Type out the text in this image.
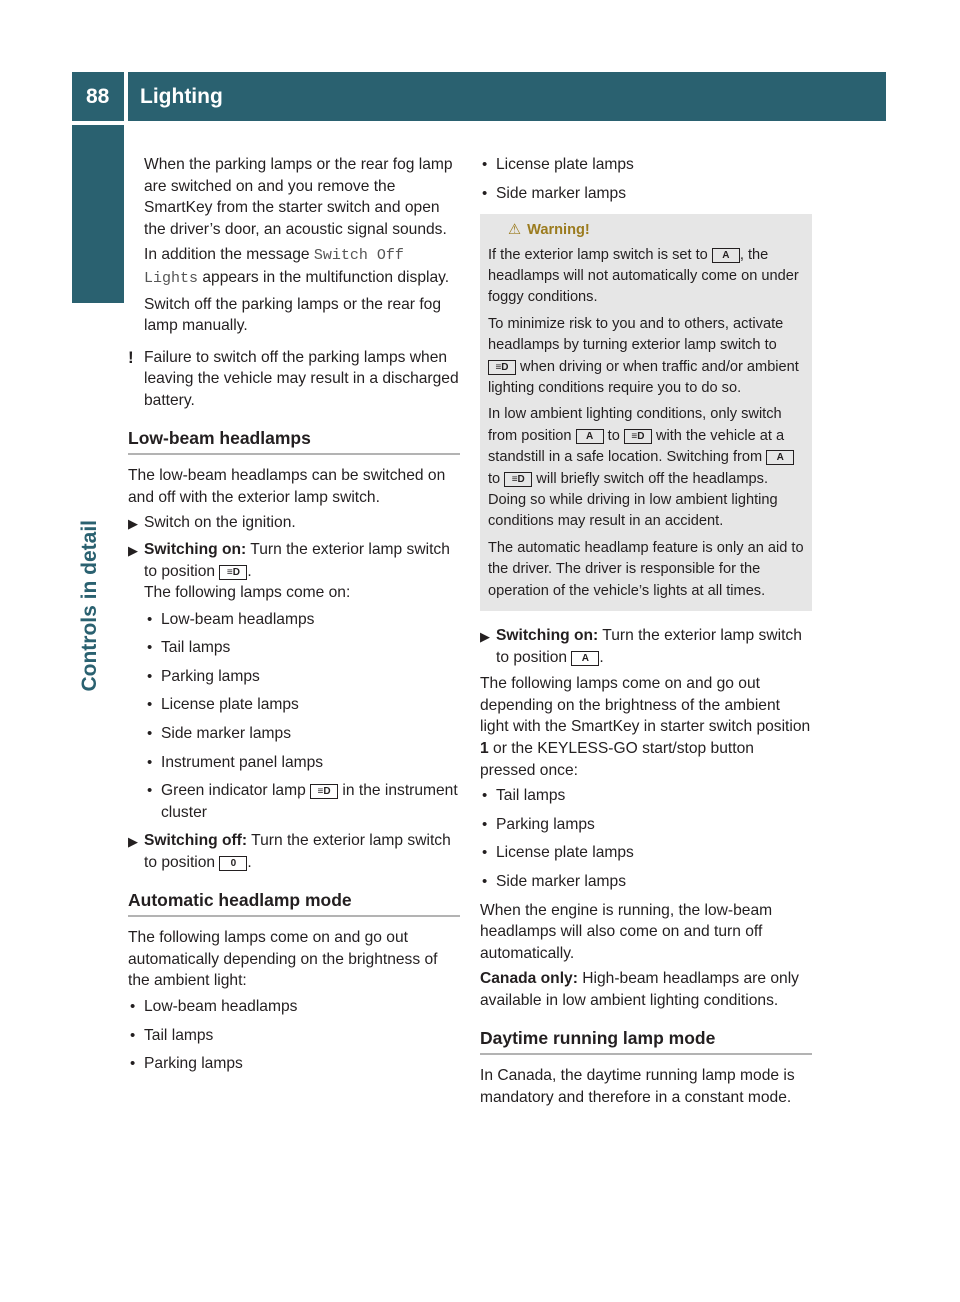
88 Lighting
Controls in detail

When the parking lamps or the rear fog lamp are switched on and you remove the SmartKey from the starter switch and open the driver’s door, an acoustic signal sounds.

In addition the message Switch Off Lights appears in the multifunction display.

Switch off the parking lamps or the rear fog lamp manually.

! Failure to switch off the parking lamps when leaving the vehicle may result in a discharged battery.
Low-beam headlamps

The low-beam headlamps can be switched on and off with the exterior lamp switch.

▶ Switch on the ignition.
▶ Switching on: Turn the exterior lamp switch to position ≡D .
The following lamps come on:
• Low-beam headlamps
• Tail lamps
• Parking lamps
• License plate lamps
• Side marker lamps
• Instrument panel lamps
• Green indicator lamp ≡D in the instrument cluster
▶ Switching off: Turn the exterior lamp switch to position 0 .
Automatic headlamp mode

The following lamps come on and go out automatically depending on the brightness of the ambient light:

• Low-beam headlamps
• Tail lamps
• Parking lamps
• License plate lamps
• Side marker lamps
⚠ Warning!

If the exterior lamp switch is set to A , the headlamps will not automatically come on under foggy conditions.

To minimize risk to you and to others, activate headlamps by turning exterior lamp switch to ≡D when driving or when traffic and/or ambient lighting conditions require you to do so.

In low ambient lighting conditions, only switch from position A to ≡D with the vehicle at a standstill in a safe location. Switching from A to ≡D will briefly switch off the headlamps. Doing so while driving in low ambient lighting conditions may result in an accident.

The automatic headlamp feature is only an aid to the driver. The driver is responsible for the operation of the vehicle’s lights at all times.

▶ Switching on: Turn the exterior lamp switch to position A .

The following lamps come on and go out depending on the brightness of the ambient light with the SmartKey in starter switch position 1 or the KEYLESS-GO start/stop button pressed once:

• Tail lamps
• Parking lamps
• License plate lamps
• Side marker lamps

When the engine is running, the low-beam headlamps will also come on and turn off automatically.

Canada only: High-beam headlamps are only available in low ambient lighting conditions.

Daytime running lamp mode

In Canada, the daytime running lamp mode is mandatory and therefore in a constant mode.
